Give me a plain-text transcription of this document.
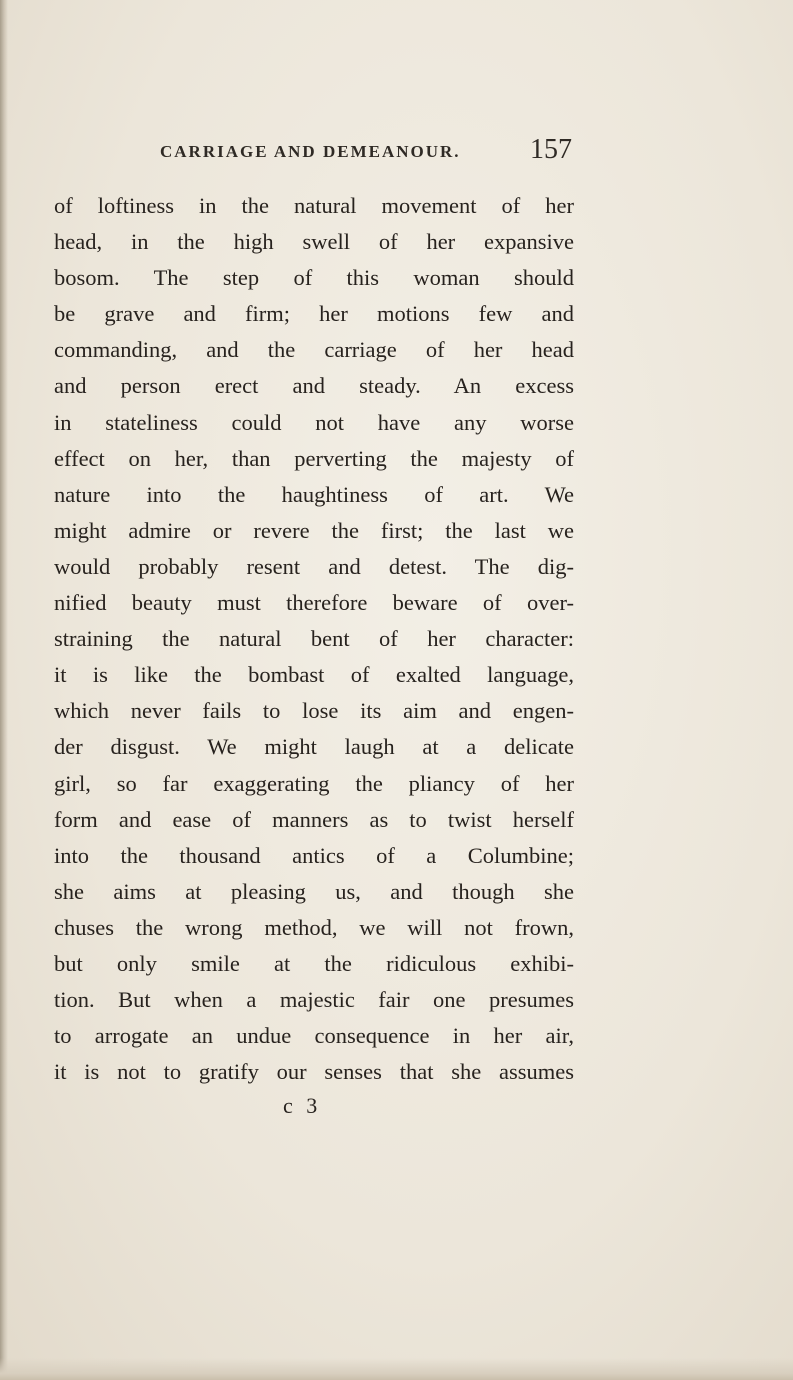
CARRIAGE AND DEMEANOUR. 157
of loftiness in the natural movement of her
head, in the high swell of her expansive
bosom. The step of this woman should
be grave and firm; her motions few and
commanding, and the carriage of her head
and person erect and steady. An excess
in stateliness could not have any worse
effect on her, than perverting the majesty of
nature into the haughtiness of art. We
might admire or revere the first; the last we
would probably resent and detest. The dig-
nified beauty must therefore beware of over-
straining the natural bent of her character:
it is like the bombast of exalted language,
which never fails to lose its aim and engen-
der disgust. We might laugh at a delicate
girl, so far exaggerating the pliancy of her
form and ease of manners as to twist herself
into the thousand antics of a Columbine;
she aims at pleasing us, and though she
chuses the wrong method, we will not frown,
but only smile at the ridiculous exhibi-
tion. But when a majestic fair one presumes
to arrogate an undue consequence in her air,
it is not to gratify our senses that she assumes
c 3
